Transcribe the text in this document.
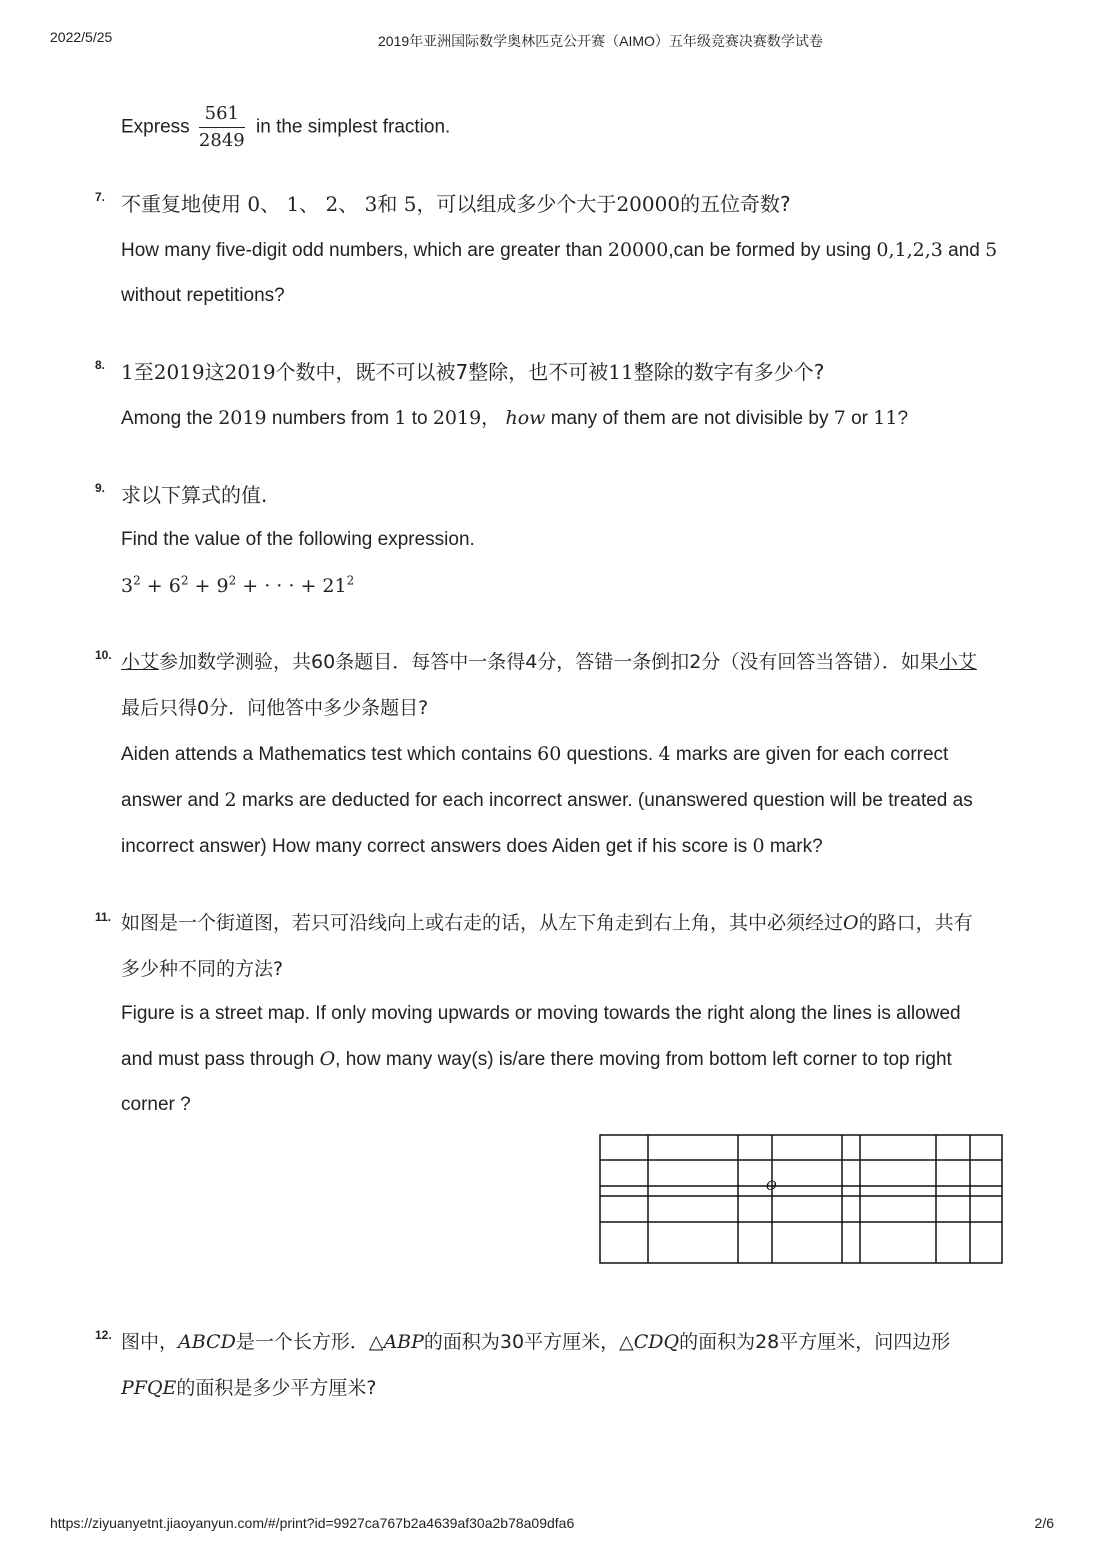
2022/5/25	2019年亚洲国际数学奥林匹克公开赛（AIMO）五年级竞赛决赛数学试卷
Express $\frac{561}{2849}$ in the simplest fraction.
7. 不重复地使用 0、 1、 2、 3和 5，可以组成多少个大于20000的五位奇数?
How many five-digit odd numbers, which are greater than 20000,can be formed by using 0,1,2,3 and 5
without repetitions?
8. 1至2019这2019个数中，既不可以被7整除，也不可被11整除的数字有多少个?
Among the 2019 numbers from 1 to 2019， how many of them are not divisible by 7 or 11?
9. 求以下算式的值.
Find the value of the following expression.
$3^2 + 6^2 + 9^2$ + · · · + $21^2$
10. 小艾参加数学测验，共60条题目．每答中一条得4分，答错一条倒扣2分（没有回答当答错）．如果小艾
最后只得0分．问他答中多少条题目?
Aiden attends a Mathematics test which contains 60 questions. 4 marks are given for each correct
answer and 2 marks are deducted for each incorrect answer. (unanswered question will be treated as
incorrect answer) How many correct answers does Aiden get if his score is 0 mark?
11. 如图是一个街道图，若只可沿线向上或右走的话，从左下角走到右上角，其中必须经过O的路口，共有
多少种不同的方法?
Figure is a street map. If only moving upwards or moving towards the right along the lines is allowed
and must pass through O, how many way(s) is/are there moving from bottom left corner to top right
corner ?
O
12. 图中，ABCD是一个长方形．△ABP的面积为30平方厘米，△CDQ的面积为28平方厘米，问四边形
PFQE的面积是多少平方厘米?
https://ziyuanyetnt.jiaoyanyun.com/#/print?id=9927ca767b2a4639af30a2b78a09dfa6	2/6
